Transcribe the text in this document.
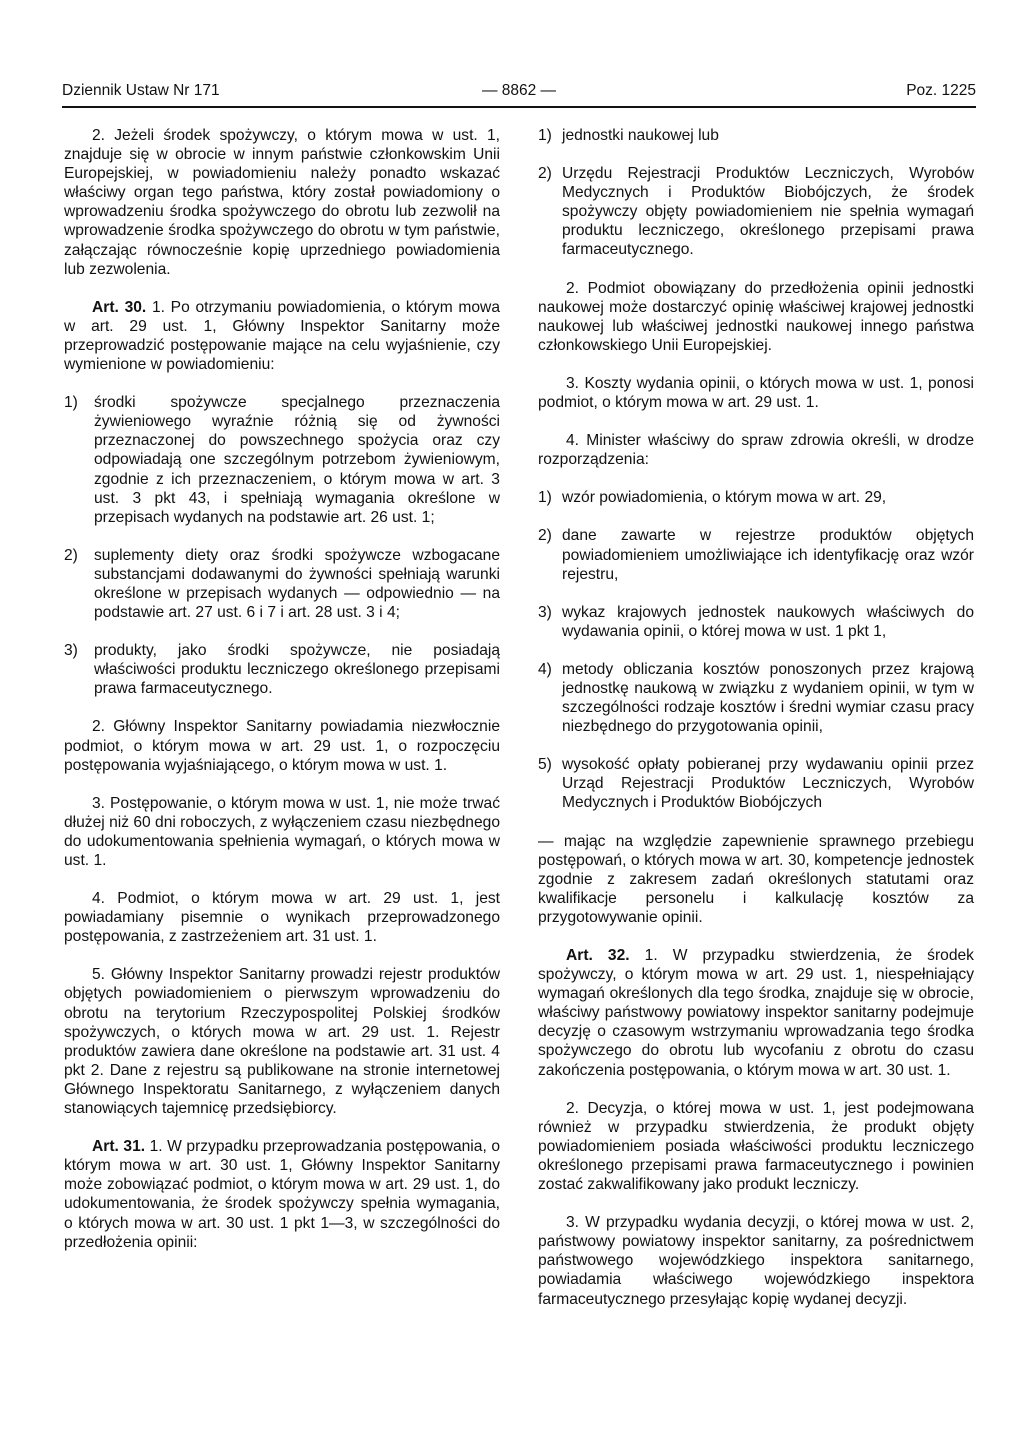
Dziennik Ustaw Nr 171	— 8862 —	Poz. 1225

2. Jeżeli środek spożywczy, o którym mowa w ust. 1, znajduje się w obrocie w innym państwie członkowskim Unii Europejskiej, w powiadomieniu należy ponadto wskazać właściwy organ tego państwa, który został powiadomiony o wprowadzeniu środka spożywczego do obrotu lub zezwolił na wprowadzenie środka spożywczego do obrotu w tym państwie, załączając równocześnie kopię uprzedniego powiadomienia lub zezwolenia.

Art. 30. 1. Po otrzymaniu powiadomienia, o którym mowa w art. 29 ust. 1, Główny Inspektor Sanitarny może przeprowadzić postępowanie mające na celu wyjaśnienie, czy wymienione w powiadomieniu:

1)	środki spożywcze specjalnego przeznaczenia żywieniowego wyraźnie różnią się od żywności przeznaczonej do powszechnego spożycia oraz czy odpowiadają one szczególnym potrzebom żywieniowym, zgodnie z ich przeznaczeniem, o którym mowa w art. 3 ust. 3 pkt 43, i spełniają wymagania określone w przepisach wydanych na podstawie art. 26 ust. 1;
2)	suplementy diety oraz środki spożywcze wzbogacane substancjami dodawanymi do żywności spełniają warunki określone w przepisach wydanych — odpowiednio — na podstawie art. 27 ust. 6 i 7 i art. 28 ust. 3 i 4;
3)	produkty, jako środki spożywcze, nie posiadają właściwości produktu leczniczego określonego przepisami prawa farmaceutycznego.

2. Główny Inspektor Sanitarny powiadamia niezwłocznie podmiot, o którym mowa w art. 29 ust. 1, o rozpoczęciu postępowania wyjaśniającego, o którym mowa w ust. 1.

3. Postępowanie, o którym mowa w ust. 1, nie może trwać dłużej niż 60 dni roboczych, z wyłączeniem czasu niezbędnego do udokumentowania spełnienia wymagań, o których mowa w ust. 1.

4. Podmiot, o którym mowa w art. 29 ust. 1, jest powiadamiany pisemnie o wynikach przeprowadzonego postępowania, z zastrzeżeniem art. 31 ust. 1.

5. Główny Inspektor Sanitarny prowadzi rejestr produktów objętych powiadomieniem o pierwszym wprowadzeniu do obrotu na terytorium Rzeczypospolitej Polskiej środków spożywczych, o których mowa w art. 29 ust. 1. Rejestr produktów zawiera dane określone na podstawie art. 31 ust. 4 pkt 2. Dane z rejestru są publikowane na stronie internetowej Głównego Inspektoratu Sanitarnego, z wyłączeniem danych stanowiących tajemnicę przedsiębiorcy.

Art. 31. 1. W przypadku przeprowadzania postępowania, o którym mowa w art. 30 ust. 1, Główny Inspektor Sanitarny może zobowiązać podmiot, o którym mowa w art. 29 ust. 1, do udokumentowania, że środek spożywczy spełnia wymagania, o których mowa w art. 30 ust. 1 pkt 1—3, w szczególności do przedłożenia opinii:

1) jednostki naukowej lub
2) Urzędu Rejestracji Produktów Leczniczych, Wyrobów Medycznych i Produktów Biobójczych, że środek spożywczy objęty powiadomieniem nie spełnia wymagań produktu leczniczego, określonego przepisami prawa farmaceutycznego.

2. Podmiot obowiązany do przedłożenia opinii jednostki naukowej może dostarczyć opinię właściwej krajowej jednostki naukowej lub właściwej jednostki naukowej innego państwa członkowskiego Unii Europejskiej.

3. Koszty wydania opinii, o których mowa w ust. 1, ponosi podmiot, o którym mowa w art. 29 ust. 1.

4. Minister właściwy do spraw zdrowia określi, w drodze rozporządzenia:

1) wzór powiadomienia, o którym mowa w art. 29,
2) dane zawarte w rejestrze produktów objętych powiadomieniem umożliwiające ich identyfikację oraz wzór rejestru,
3) wykaz krajowych jednostek naukowych właściwych do wydawania opinii, o której mowa w ust. 1 pkt 1,
4) metody obliczania kosztów ponoszonych przez krajową jednostkę naukową w związku z wydaniem opinii, w tym w szczególności rodzaje kosztów i średni wymiar czasu pracy niezbędnego do przygotowania opinii,
5) wysokość opłaty pobieranej przy wydawaniu opinii przez Urząd Rejestracji Produktów Leczniczych, Wyrobów Medycznych i Produktów Biobójczych

— mając na względzie zapewnienie sprawnego przebiegu postępowań, o których mowa w art. 30, kompetencje jednostek zgodnie z zakresem zadań określonych statutami oraz kwalifikacje personelu i kalkulację kosztów za przygotowywanie opinii.

Art. 32. 1. W przypadku stwierdzenia, że środek spożywczy, o którym mowa w art. 29 ust. 1, niespełniający wymagań określonych dla tego środka, znajduje się w obrocie, właściwy państwowy powiatowy inspektor sanitarny podejmuje decyzję o czasowym wstrzymaniu wprowadzania tego środka spożywczego do obrotu lub wycofaniu z obrotu do czasu zakończenia postępowania, o którym mowa w art. 30 ust. 1.

2. Decyzja, o której mowa w ust. 1, jest podejmowana również w przypadku stwierdzenia, że produkt objęty powiadomieniem posiada właściwości produktu leczniczego określonego przepisami prawa farmaceutycznego i powinien zostać zakwalifikowany jako produkt leczniczy.

3. W przypadku wydania decyzji, o której mowa w ust. 2, państwowy powiatowy inspektor sanitarny, za pośrednictwem państwowego wojewódzkiego inspektora sanitarnego, powiadamia właściwego wojewódzkiego inspektora farmaceutycznego przesyłając kopię wydanej decyzji.
